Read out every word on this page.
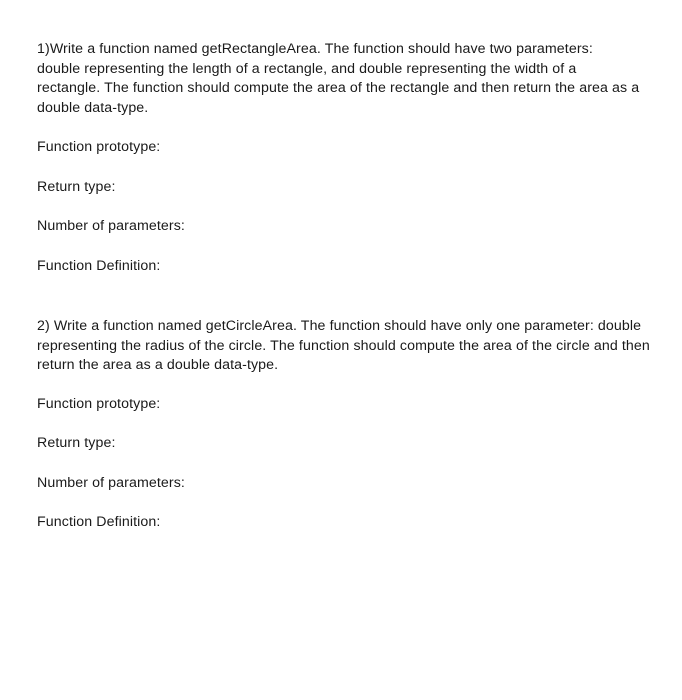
1)Write a function named getRectangleArea. The function should have two parameters:
double representing the length of a rectangle, and double representing the width of a
rectangle. The function should compute the area of the rectangle and then return the area as a
double data-type.

Function prototype:

Return type:

Number of parameters:

Function Definition:

2) Write a function named getCircleArea. The function should have only one parameter: double
representing the radius of the circle. The function should compute the area of the circle and then
return the area as a double data-type.

Function prototype:

Return type:

Number of parameters:

Function Definition:
